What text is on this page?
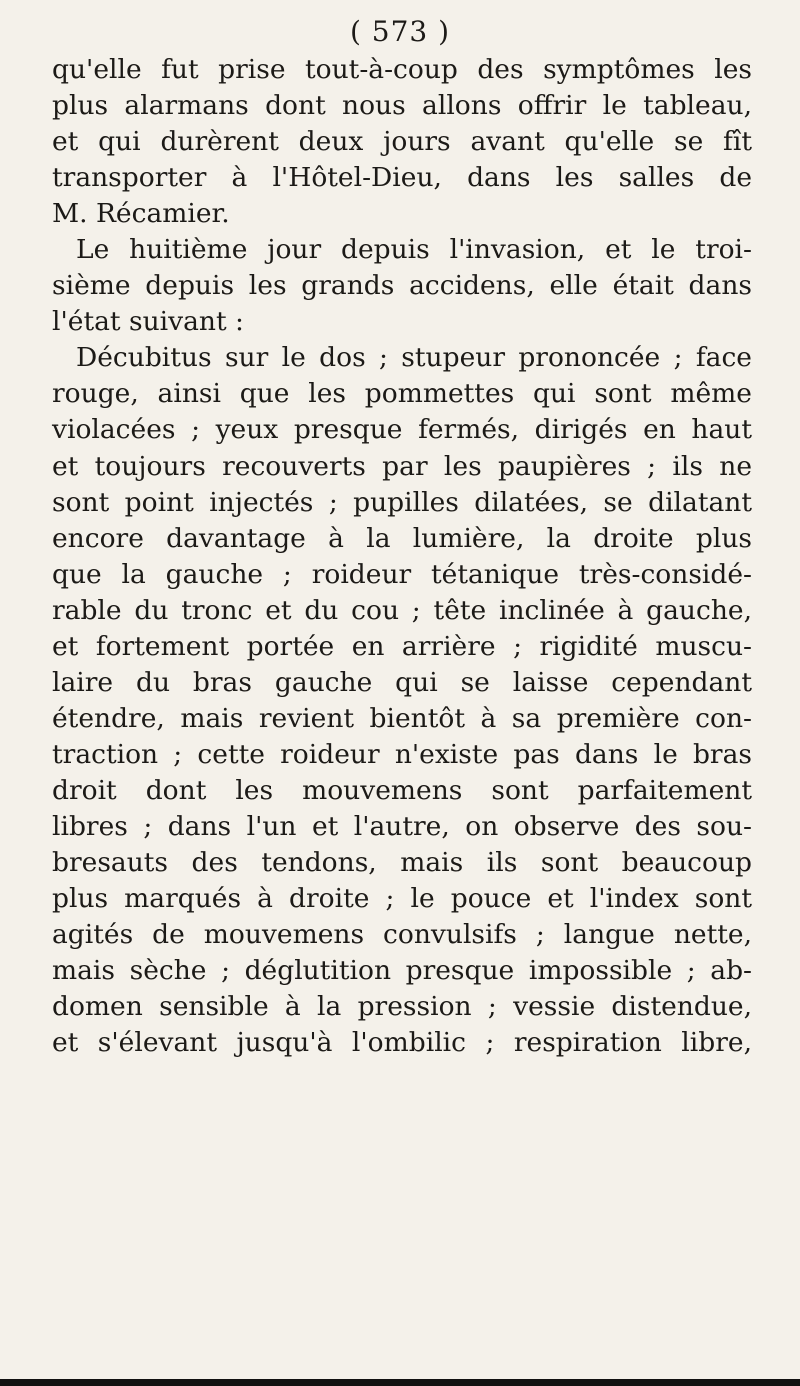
( 573 )
qu'elle fut prise tout-à-coup des symptômes les
plus alarmans dont nous allons offrir le tableau,
et qui durèrent deux jours avant qu'elle se fît
transporter à l'Hôtel-Dieu, dans les salles de
M. Récamier.
Le huitième jour depuis l'invasion, et le troi-
sième depuis les grands accidens, elle était dans
l'état suivant :
Décubitus sur le dos ; stupeur prononcée ; face
rouge, ainsi que les pommettes qui sont même
violacées ; yeux presque fermés, dirigés en haut
et toujours recouverts par les paupières ; ils ne
sont point injectés ; pupilles dilatées, se dilatant
encore davantage à la lumière, la droite plus
que la gauche ; roideur tétanique très-considé-
rable du tronc et du cou ; tête inclinée à gauche,
et fortement portée en arrière ; rigidité muscu-
laire du bras gauche qui se laisse cependant
étendre, mais revient bientôt à sa première con-
traction ; cette roideur n'existe pas dans le bras
droit dont les mouvemens sont parfaitement
libres ; dans l'un et l'autre, on observe des sou-
bresauts des tendons, mais ils sont beaucoup
plus marqués à droite ; le pouce et l'index sont
agités de mouvemens convulsifs ; langue nette,
mais sèche ; déglutition presque impossible ; ab-
domen sensible à la pression ; vessie distendue,
et s'élevant jusqu'à l'ombilic ; respiration libre,
